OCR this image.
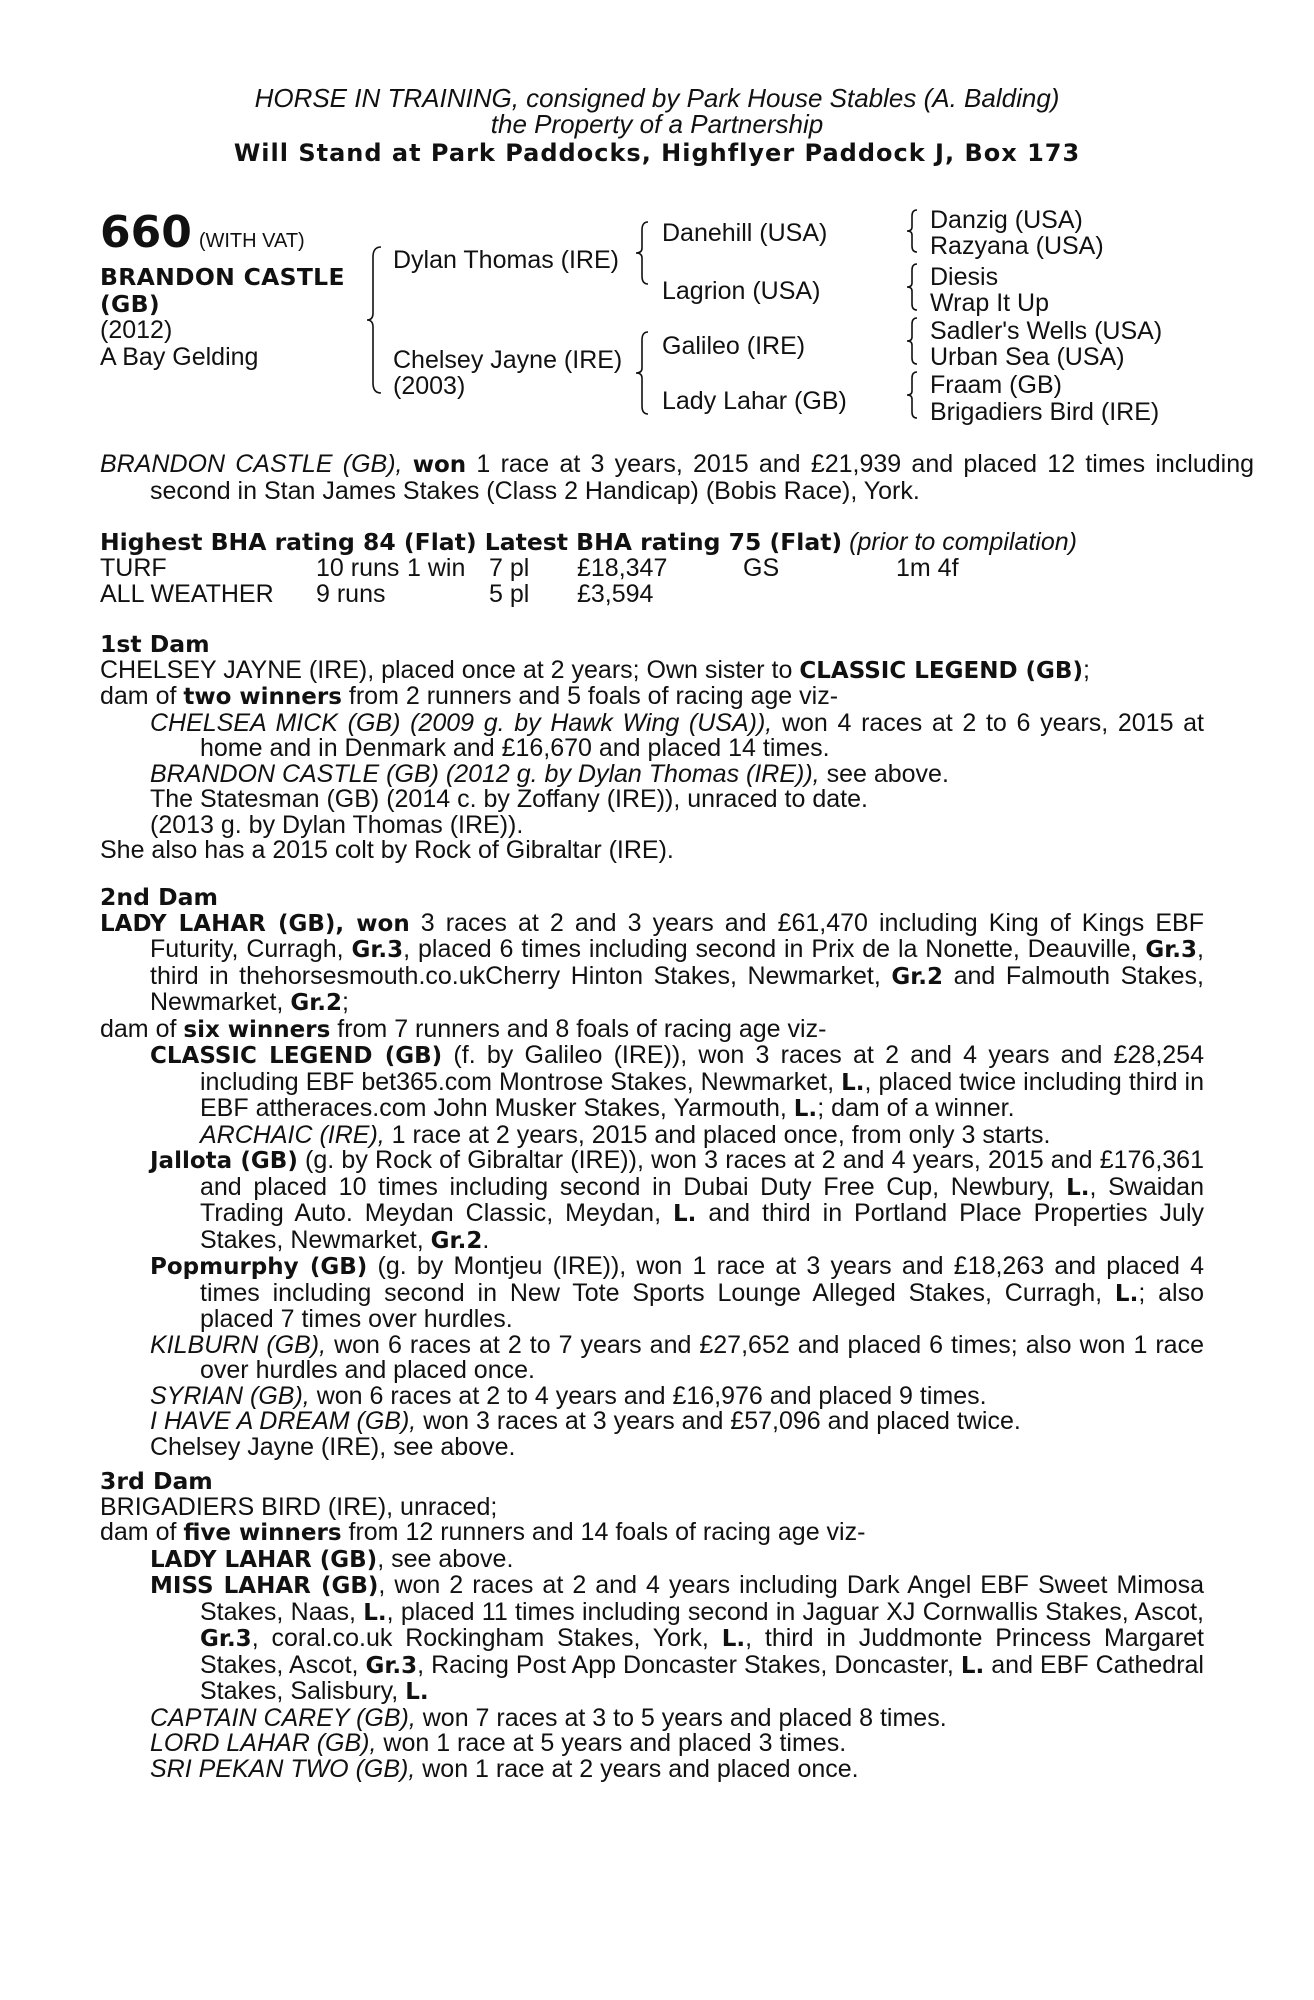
HORSE IN TRAINING, consigned by Park House Stables (A. Balding)
the Property of a Partnership
Will Stand at Park Paddocks, Highflyer Paddock J, Box 173
660 (WITH VAT)
BRANDON CASTLE
(GB)
(2012)
A Bay Gelding
Dylan Thomas (IRE)
Chelsey Jayne (IRE)
(2003)
Danehill (USA)
Lagrion (USA)
Galileo (IRE)
Lady Lahar (GB)
Danzig (USA)
Razyana (USA)
Diesis
Wrap It Up
Sadler's Wells (USA)
Urban Sea (USA)
Fraam (GB)
Brigadiers Bird (IRE)
BRANDON CASTLE (GB), won 1 race at 3 years, 2015 and £21,939 and placed 12 times including second in Stan James Stakes (Class 2 Handicap) (Bobis Race), York.
Highest BHA rating 84 (Flat) Latest BHA rating 75 (Flat) (prior to compilation)
TURF	10 runs 1 win 7 pl £18,347	GS	1m 4f
ALL WEATHER 9 runs	5 pl £3,594
1st Dam
CHELSEY JAYNE (IRE), placed once at 2 years; Own sister to CLASSIC LEGEND (GB);
dam of two winners from 2 runners and 5 foals of racing age viz-
CHELSEA MICK (GB) (2009 g. by Hawk Wing (USA)), won 4 races at 2 to 6 years, 2015 at home and in Denmark and £16,670 and placed 14 times.
BRANDON CASTLE (GB) (2012 g. by Dylan Thomas (IRE)), see above.
The Statesman (GB) (2014 c. by Zoffany (IRE)), unraced to date.
(2013 g. by Dylan Thomas (IRE)).
She also has a 2015 colt by Rock of Gibraltar (IRE).
2nd Dam
LADY LAHAR (GB), won 3 races at 2 and 3 years and £61,470 including King of Kings EBF Futurity, Curragh, Gr.3, placed 6 times including second in Prix de la Nonette, Deauville, Gr.3, third in thehorsesmouth.co.ukCherry Hinton Stakes, Newmarket, Gr.2 and Falmouth Stakes, Newmarket, Gr.2;
dam of six winners from 7 runners and 8 foals of racing age viz-
CLASSIC LEGEND (GB) (f. by Galileo (IRE)), won 3 races at 2 and 4 years and £28,254 including EBF bet365.com Montrose Stakes, Newmarket, L., placed twice including third in EBF attheraces.com John Musker Stakes, Yarmouth, L.; dam of a winner.
ARCHAIC (IRE), 1 race at 2 years, 2015 and placed once, from only 3 starts.
Jallota (GB) (g. by Rock of Gibraltar (IRE)), won 3 races at 2 and 4 years, 2015 and £176,361 and placed 10 times including second in Dubai Duty Free Cup, Newbury, L., Swaidan Trading Auto. Meydan Classic, Meydan, L. and third in Portland Place Properties July Stakes, Newmarket, Gr.2.
Popmurphy (GB) (g. by Montjeu (IRE)), won 1 race at 3 years and £18,263 and placed 4 times including second in New Tote Sports Lounge Alleged Stakes, Curragh, L.; also placed 7 times over hurdles.
KILBURN (GB), won 6 races at 2 to 7 years and £27,652 and placed 6 times; also won 1 race over hurdles and placed once.
SYRIAN (GB), won 6 races at 2 to 4 years and £16,976 and placed 9 times.
I HAVE A DREAM (GB), won 3 races at 3 years and £57,096 and placed twice.
Chelsey Jayne (IRE), see above.
3rd Dam
BRIGADIERS BIRD (IRE), unraced;
dam of five winners from 12 runners and 14 foals of racing age viz-
LADY LAHAR (GB), see above.
MISS LAHAR (GB), won 2 races at 2 and 4 years including Dark Angel EBF Sweet Mimosa Stakes, Naas, L., placed 11 times including second in Jaguar XJ Cornwallis Stakes, Ascot, Gr.3, coral.co.uk Rockingham Stakes, York, L., third in Juddmonte Princess Margaret Stakes, Ascot, Gr.3, Racing Post App Doncaster Stakes, Doncaster, L. and EBF Cathedral Stakes, Salisbury, L.
CAPTAIN CAREY (GB), won 7 races at 3 to 5 years and placed 8 times.
LORD LAHAR (GB), won 1 race at 5 years and placed 3 times.
SRI PEKAN TWO (GB), won 1 race at 2 years and placed once.
